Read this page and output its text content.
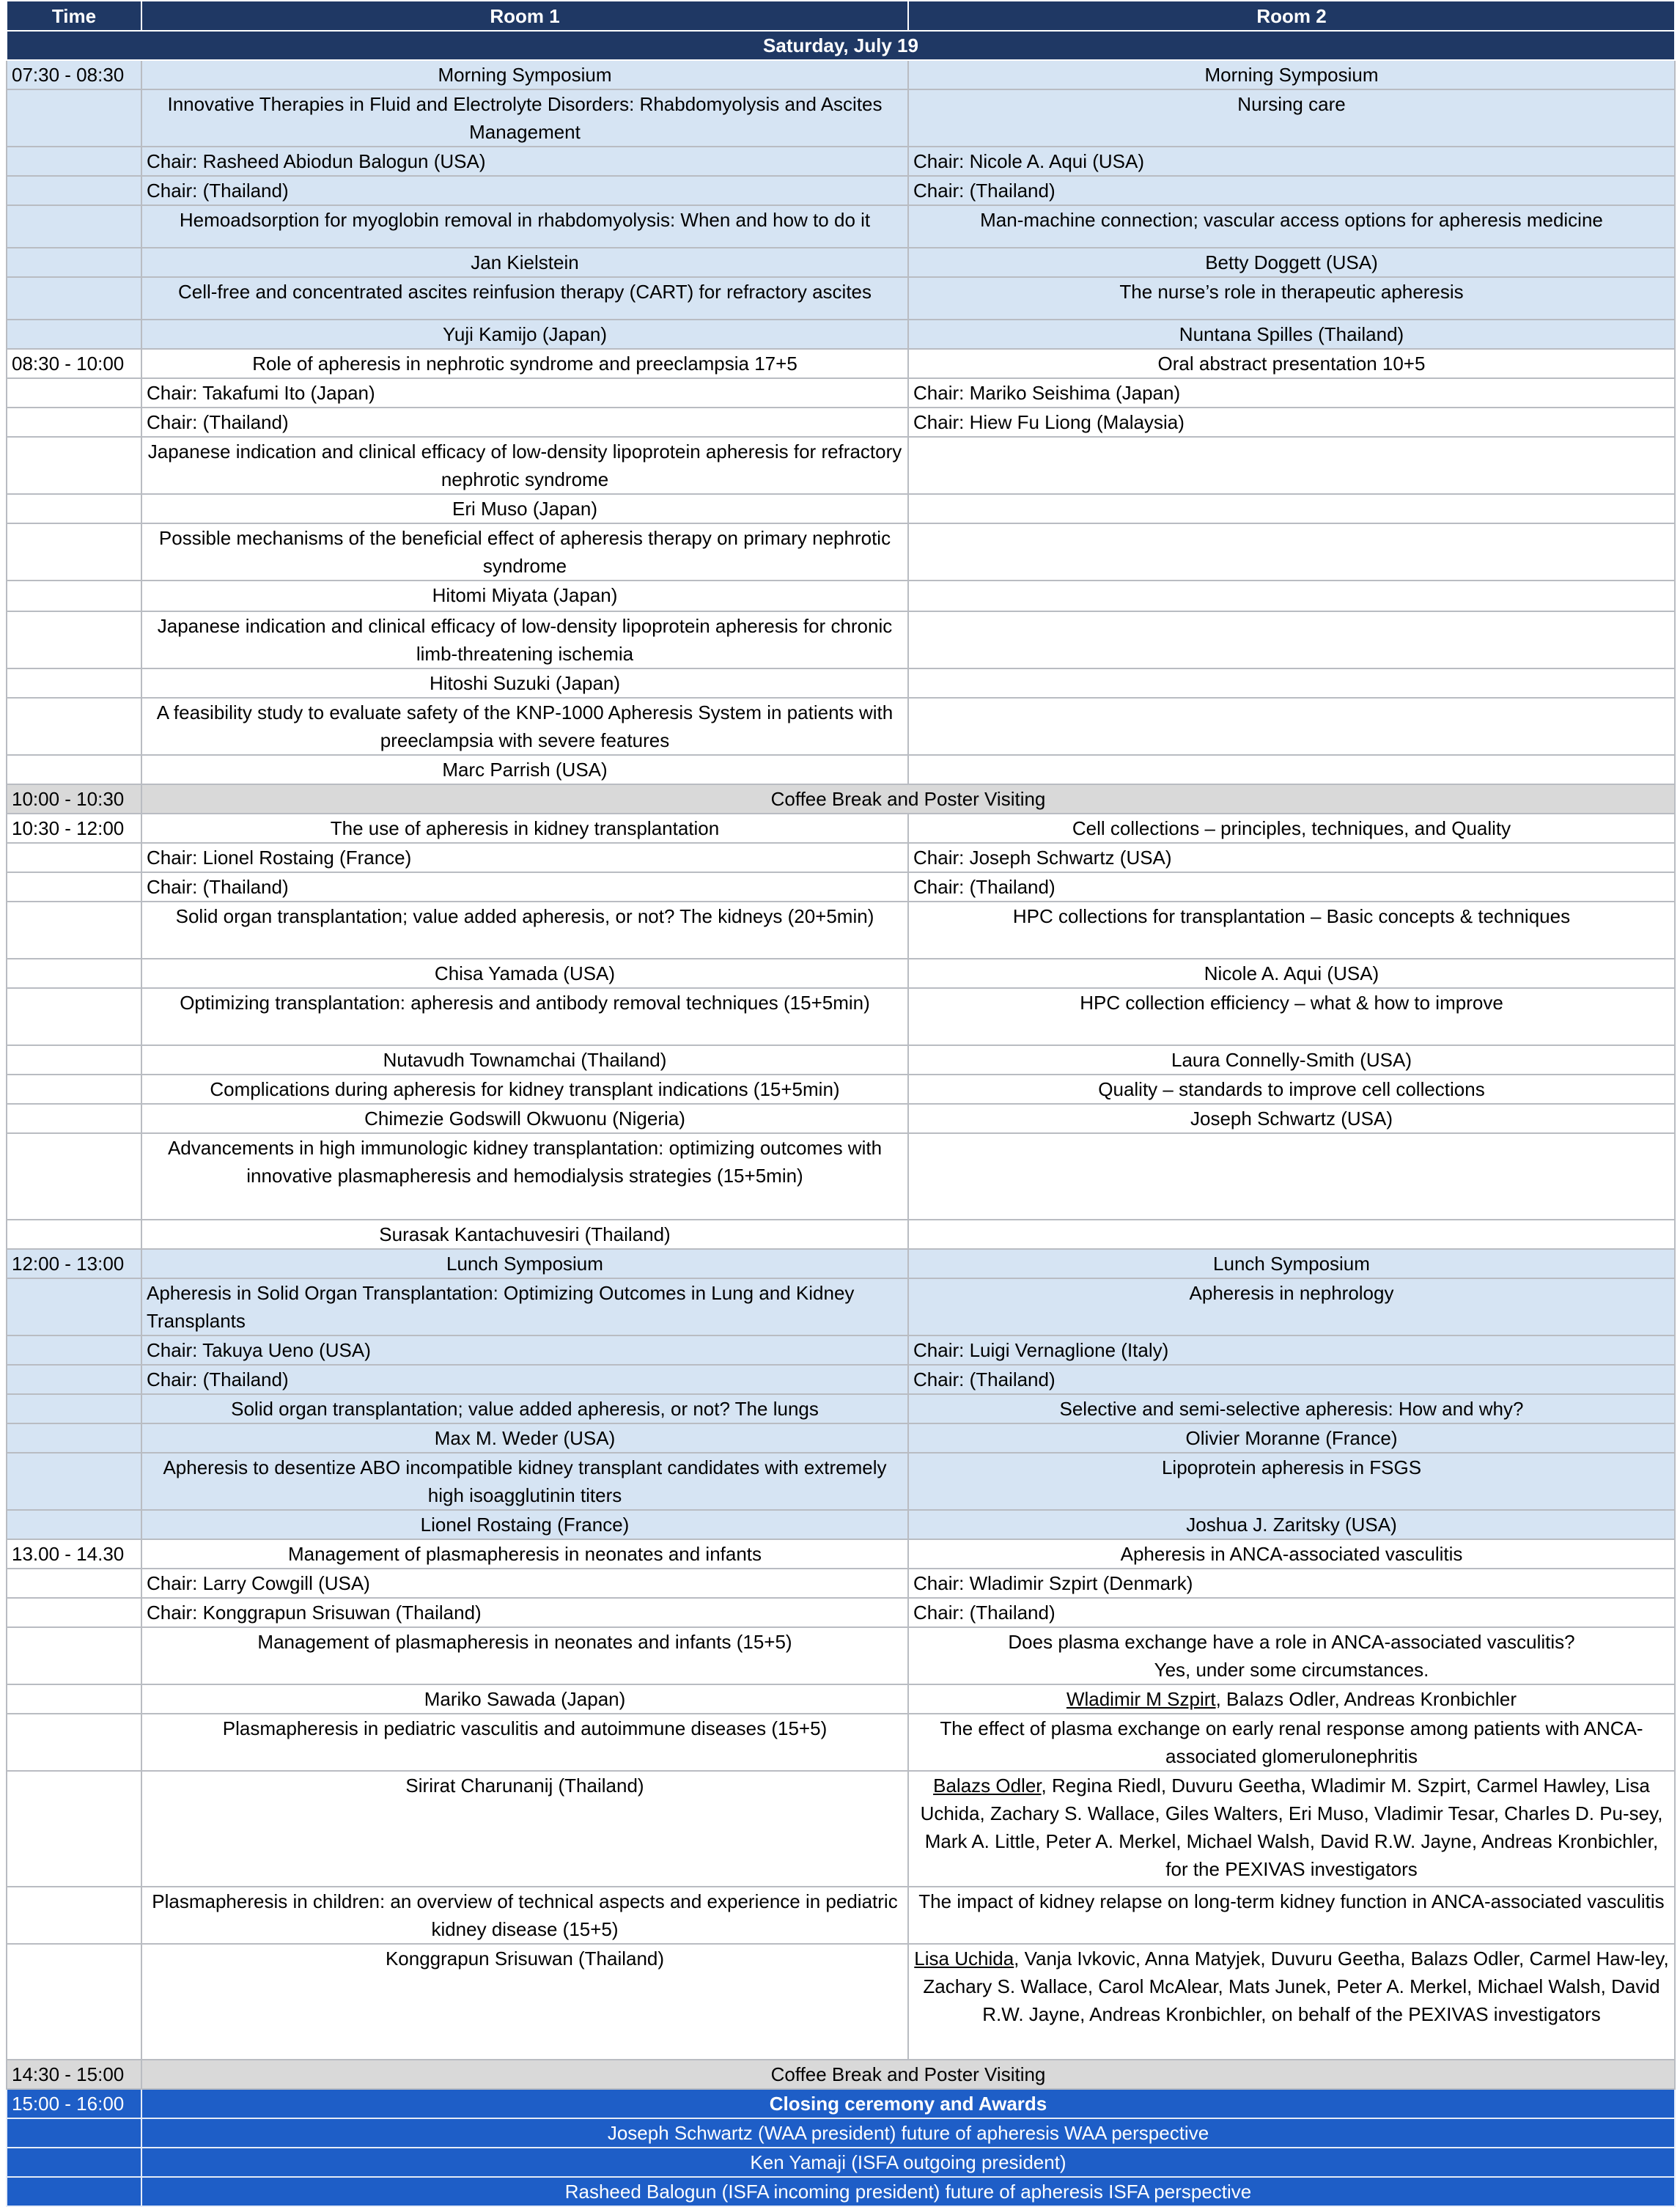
Time	Room 1	Room 2
Saturday, July 19		
07:30 - 08:30	Morning Symposium	Morning Symposium
	Innovative Therapies in Fluid and Electrolyte Disorders: Rhabdomyolysis and Ascites Management	Nursing care
	Chair: Rasheed Abiodun Balogun (USA)	Chair: Nicole A. Aqui (USA)
	Chair: (Thailand)	Chair: (Thailand)
	Hemoadsorption for myoglobin removal in rhabdomyolysis: When and how to do it	Man-machine connection; vascular access options for apheresis medicine
	Jan Kielstein	Betty Doggett (USA)
	Cell-free and concentrated ascites reinfusion therapy (CART) for refractory ascites	The nurse’s role in therapeutic apheresis
	Yuji Kamijo (Japan)	Nuntana Spilles (Thailand)
08:30 - 10:00	Role of apheresis in nephrotic syndrome and preeclampsia 17+5	Oral abstract presentation 10+5
	Chair: Takafumi Ito (Japan)	Chair: Mariko Seishima (Japan)
	Chair: (Thailand)	Chair: Hiew Fu Liong (Malaysia)
	Japanese indication and clinical efficacy of low-density lipoprotein apheresis for refractory nephrotic syndrome	
	Eri Muso (Japan)	
	Possible mechanisms of the beneficial effect of apheresis therapy on primary nephrotic syndrome	
	Hitomi Miyata (Japan)	
	Japanese indication and clinical efficacy of low-density lipoprotein apheresis for chronic limb-threatening ischemia	
	Hitoshi Suzuki (Japan)	
	A feasibility study to evaluate safety of the KNP-1000 Apheresis System in patients with preeclampsia with severe features	
	Marc Parrish (USA)	
10:00 - 10:30	Coffee Break and Poster Visiting	
10:30 - 12:00	The use of apheresis in kidney transplantation	Cell collections – principles, techniques, and Quality
	Chair: Lionel Rostaing (France)	Chair: Joseph Schwartz (USA)
	Chair: (Thailand)	Chair: (Thailand)
	Solid organ transplantation; value added apheresis, or not? The kidneys (20+5min)	HPC collections for transplantation – Basic concepts & techniques
	Chisa Yamada (USA)	Nicole A. Aqui (USA)
	Optimizing transplantation: apheresis and antibody removal techniques (15+5min)	HPC collection efficiency – what & how to improve
	Nutavudh Townamchai (Thailand)	Laura Connelly-Smith (USA)
	Complications during apheresis for kidney transplant indications (15+5min)	Quality – standards to improve cell collections
	Chimezie Godswill Okwuonu (Nigeria)	Joseph Schwartz (USA)
	Advancements in high immunologic kidney transplantation: optimizing outcomes with innovative plasmapheresis and hemodialysis strategies (15+5min)	
	Surasak Kantachuvesiri (Thailand)	
12:00 - 13:00	Lunch Symposium	Lunch Symposium
	Apheresis in Solid Organ Transplantation: Optimizing Outcomes in Lung and Kidney Transplants	Apheresis in nephrology
	Chair: Takuya Ueno (USA)	Chair: Luigi Vernaglione (Italy)
	Chair: (Thailand)	Chair: (Thailand)
	Solid organ transplantation; value added apheresis, or not? The lungs	Selective and semi-selective apheresis: How and why?
	Max M. Weder (USA)	Olivier Moranne (France)
	Apheresis to desentize ABO incompatible kidney transplant candidates with extremely high isoagglutinin titers	Lipoprotein apheresis in FSGS
	Lionel Rostaing (France)	Joshua J. Zaritsky (USA)
13.00 - 14.30	Management of plasmapheresis in neonates and infants	Apheresis in ANCA-associated vasculitis
	Chair: Larry Cowgill (USA)	Chair: Wladimir Szpirt (Denmark)
	Chair: Konggrapun Srisuwan (Thailand)	Chair: (Thailand)
	Management of plasmapheresis in neonates and infants (15+5)	Does plasma exchange have a role in ANCA-associated vasculitis?
Yes, under some circumstances.

	Mariko Sawada (Japan)	Wladimir M Szpirt, Balazs Odler, Andreas Kronbichler
	Plasmapheresis in pediatric vasculitis and autoimmune diseases (15+5)	The effect of plasma exchange on early renal response among patients with ANCA-associated glomerulonephritis
	Sirirat Charunanij (Thailand)	Balazs Odler, Regina Riedl, Duvuru Geetha, Wladimir M. Szpirt, Carmel Hawley, Lisa Uchida, Zachary S. Wallace, Giles Walters, Eri Muso, Vladimir Tesar, Charles D. Pu-sey, Mark A. Little, Peter A. Merkel, Michael Walsh, David R.W. Jayne, Andreas Kronbichler, for the PEXIVAS investigators
	Plasmapheresis in children: an overview of technical aspects and experience in pediatric kidney disease (15+5)	The impact of kidney relapse on long-term kidney function in ANCA-associated vasculitis
	Konggrapun Srisuwan (Thailand)	Lisa Uchida, Vanja Ivkovic, Anna Matyjek, Duvuru Geetha, Balazs Odler, Carmel Haw-ley, Zachary S. Wallace, Carol McAlear, Mats Junek, Peter A. Merkel, Michael Walsh, David R.W. Jayne, Andreas Kronbichler, on behalf of the PEXIVAS investigators
14:30 - 15:00	Coffee Break and Poster Visiting	
15:00 - 16:00	Closing ceremony and Awards	
	Joseph Schwartz (WAA president) future of apheresis WAA perspective	
	Ken Yamaji (ISFA outgoing president)	
	Rasheed Balogun (ISFA incoming president) future of apheresis ISFA perspective	
